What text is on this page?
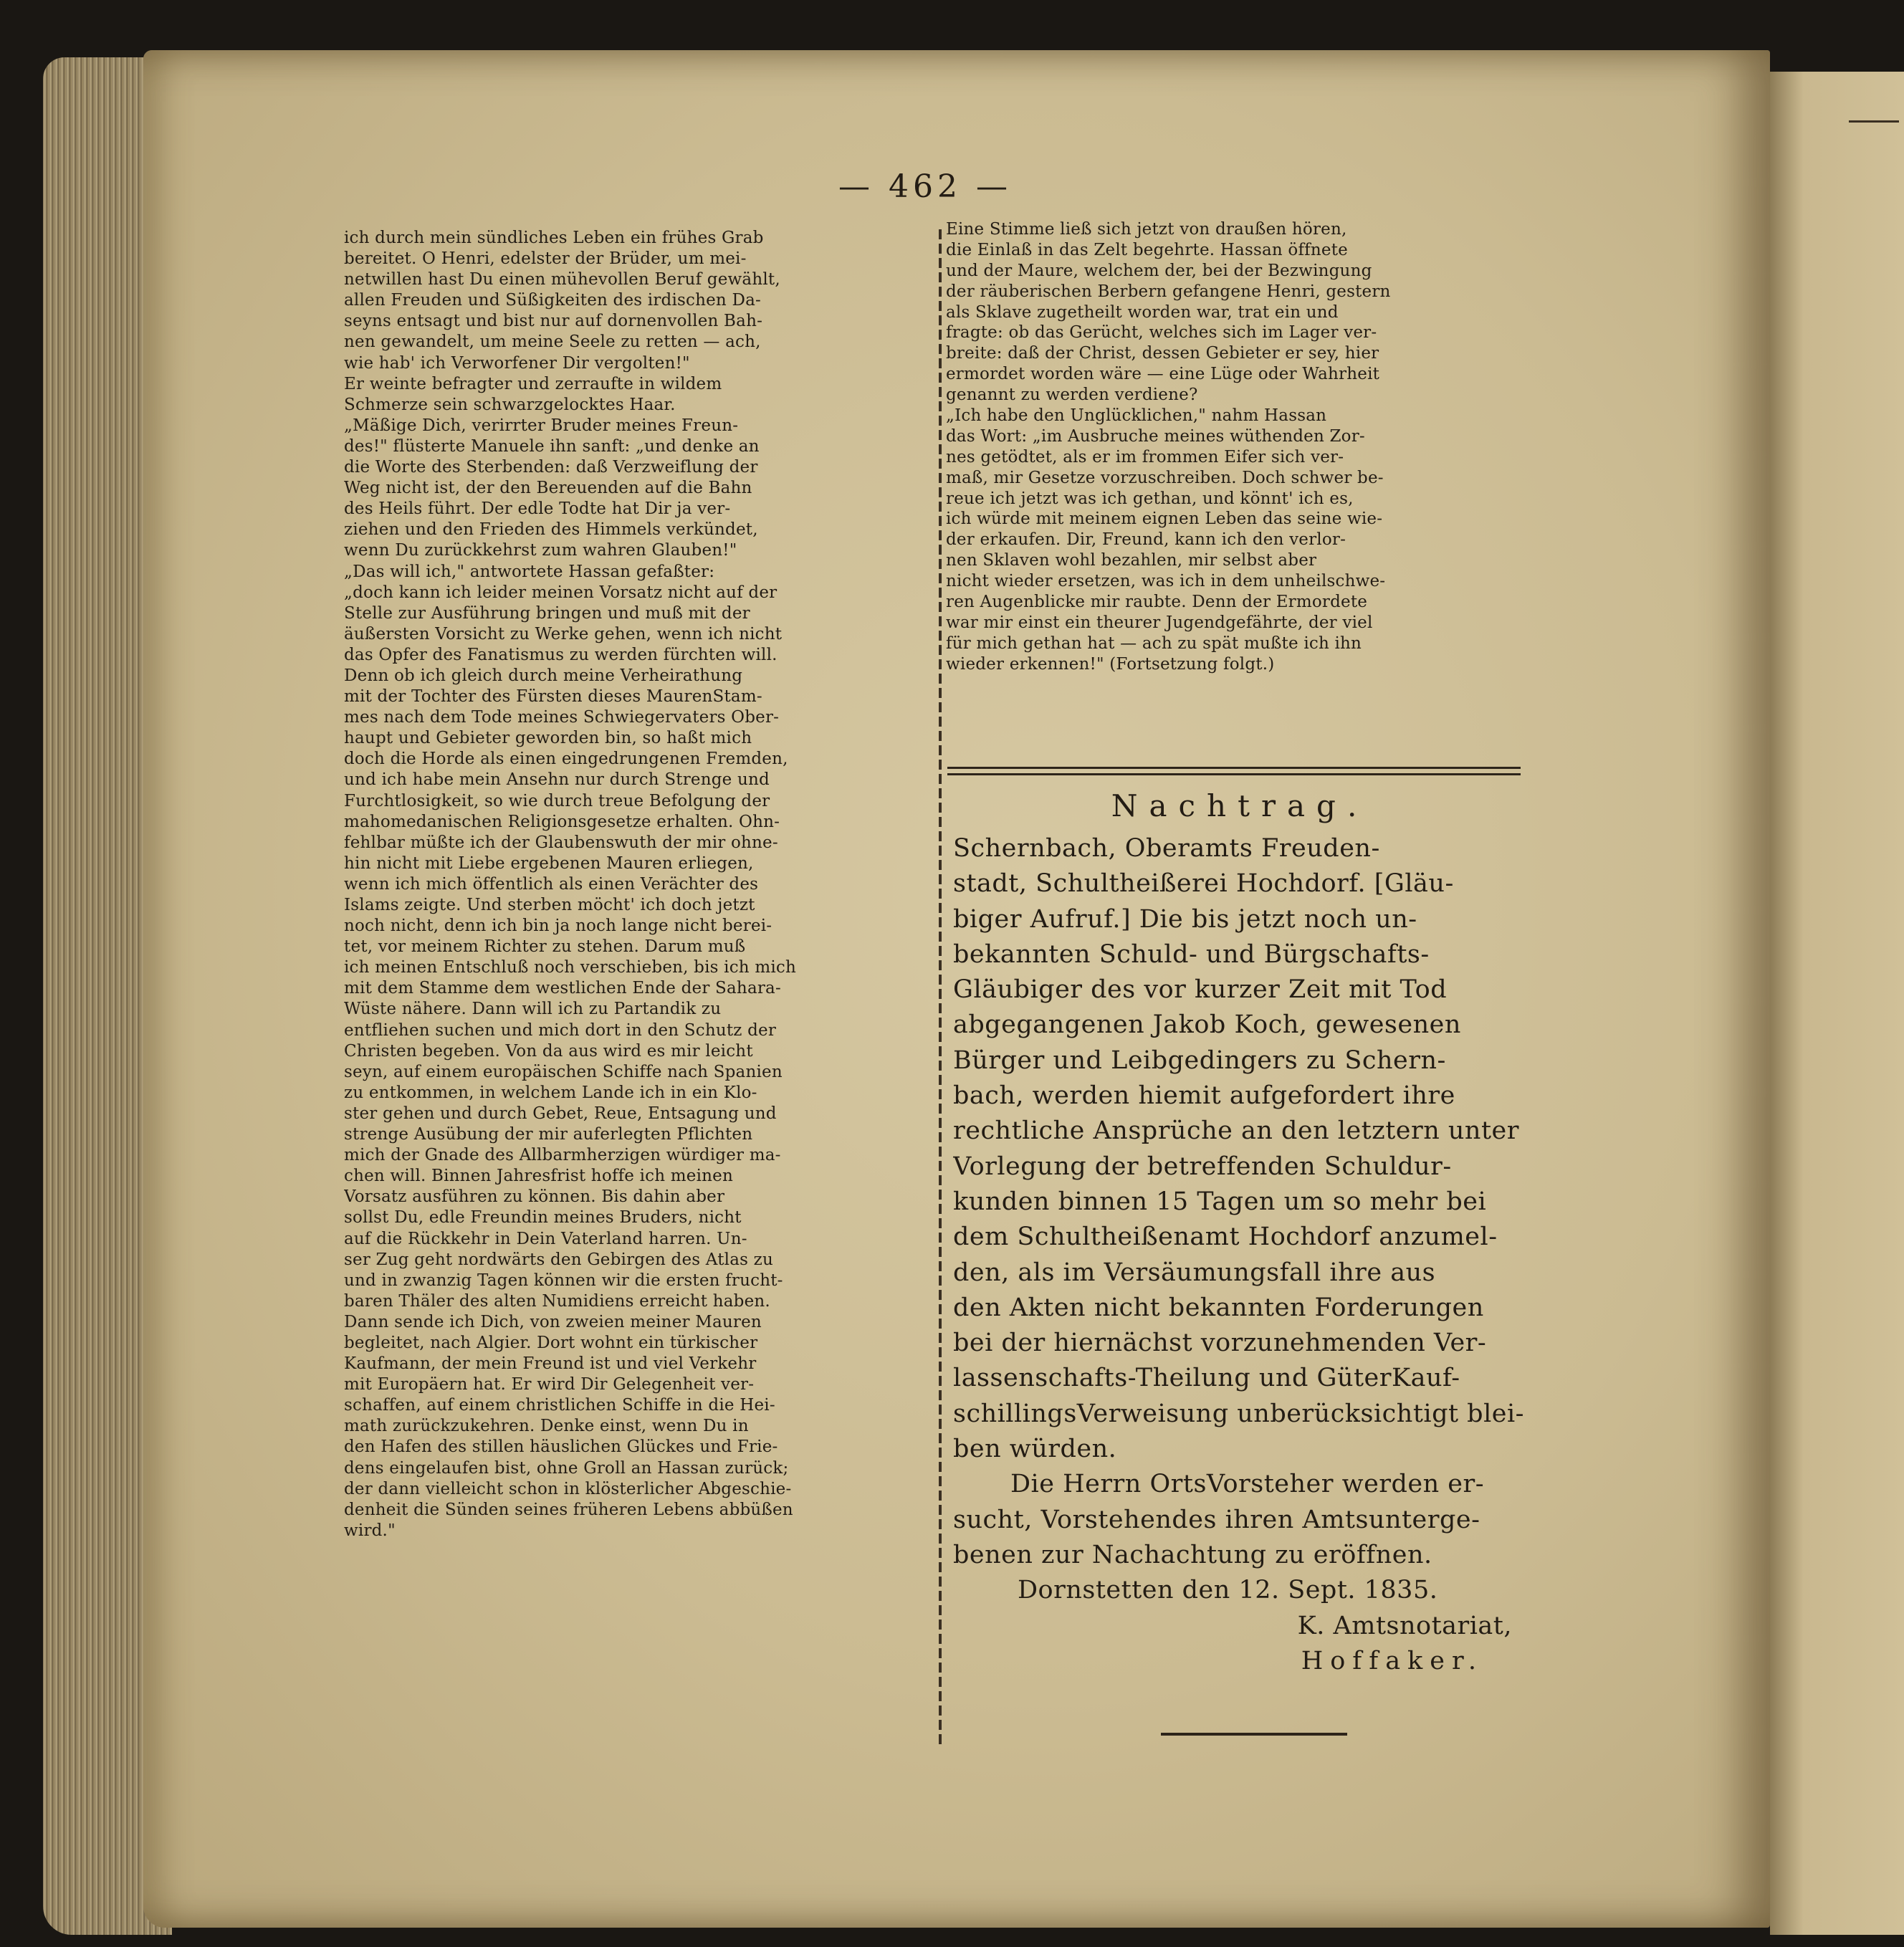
— 462 —
ich durch mein sündliches Leben ein frühes Grab
bereitet. O Henri, edelster der Brüder, um mei-
netwillen hast Du einen mühevollen Beruf gewählt,
allen Freuden und Süßigkeiten des irdischen Da-
seyns entsagt und bist nur auf dornenvollen Bah-
nen gewandelt, um meine Seele zu retten — ach,
wie hab' ich Verworfener Dir vergolten!"
Er weinte befragter und zerraufte in wildem
Schmerze sein schwarzgelocktes Haar.
„Mäßige Dich, verirrter Bruder meines Freun-
des!" flüsterte Manuele ihn sanft: „und denke an
die Worte des Sterbenden: daß Verzweiflung der
Weg nicht ist, der den Bereuenden auf die Bahn
des Heils führt. Der edle Todte hat Dir ja ver-
ziehen und den Frieden des Himmels verkündet,
wenn Du zurückkehrst zum wahren Glauben!"
„Das will ich," antwortete Hassan gefaßter:
„doch kann ich leider meinen Vorsatz nicht auf der
Stelle zur Ausführung bringen und muß mit der
äußersten Vorsicht zu Werke gehen, wenn ich nicht
das Opfer des Fanatismus zu werden fürchten will.
Denn ob ich gleich durch meine Verheirathung
mit der Tochter des Fürsten dieses MaurenStam-
mes nach dem Tode meines Schwiegervaters Ober-
haupt und Gebieter geworden bin, so haßt mich
doch die Horde als einen eingedrungenen Fremden,
und ich habe mein Ansehn nur durch Strenge und
Furchtlosigkeit, so wie durch treue Befolgung der
mahomedanischen Religionsgesetze erhalten. Ohn-
fehlbar müßte ich der Glaubenswuth der mir ohne-
hin nicht mit Liebe ergebenen Mauren erliegen,
wenn ich mich öffentlich als einen Verächter des
Islams zeigte. Und sterben möcht' ich doch jetzt
noch nicht, denn ich bin ja noch lange nicht berei-
tet, vor meinem Richter zu stehen. Darum muß
ich meinen Entschluß noch verschieben, bis ich mich
mit dem Stamme dem westlichen Ende der Sahara-
Wüste nähere. Dann will ich zu Partandik zu
entfliehen suchen und mich dort in den Schutz der
Christen begeben. Von da aus wird es mir leicht
seyn, auf einem europäischen Schiffe nach Spanien
zu entkommen, in welchem Lande ich in ein Klo-
ster gehen und durch Gebet, Reue, Entsagung und
strenge Ausübung der mir auferlegten Pflichten
mich der Gnade des Allbarmherzigen würdiger ma-
chen will. Binnen Jahresfrist hoffe ich meinen
Vorsatz ausführen zu können. Bis dahin aber
sollst Du, edle Freundin meines Bruders, nicht
auf die Rückkehr in Dein Vaterland harren. Un-
ser Zug geht nordwärts den Gebirgen des Atlas zu
und in zwanzig Tagen können wir die ersten frucht-
baren Thäler des alten Numidiens erreicht haben.
Dann sende ich Dich, von zweien meiner Mauren
begleitet, nach Algier. Dort wohnt ein türkischer
Kaufmann, der mein Freund ist und viel Verkehr
mit Europäern hat. Er wird Dir Gelegenheit ver-
schaffen, auf einem christlichen Schiffe in die Hei-
math zurückzukehren. Denke einst, wenn Du in
den Hafen des stillen häuslichen Glückes und Frie-
dens eingelaufen bist, ohne Groll an Hassan zurück;
der dann vielleicht schon in klösterlicher Abgeschie-
denheit die Sünden seines früheren Lebens abbüßen
wird."
Eine Stimme ließ sich jetzt von draußen hören,
die Einlaß in das Zelt begehrte. Hassan öffnete
und der Maure, welchem der, bei der Bezwingung
der räuberischen Berbern gefangene Henri, gestern
als Sklave zugetheilt worden war, trat ein und
fragte: ob das Gerücht, welches sich im Lager ver-
breite: daß der Christ, dessen Gebieter er sey, hier
ermordet worden wäre — eine Lüge oder Wahrheit
genannt zu werden verdiene?
„Ich habe den Unglücklichen," nahm Hassan
das Wort: „im Ausbruche meines wüthenden Zor-
nes getödtet, als er im frommen Eifer sich ver-
maß, mir Gesetze vorzuschreiben. Doch schwer be-
reue ich jetzt was ich gethan, und könnt' ich es,
ich würde mit meinem eignen Leben das seine wie-
der erkaufen. Dir, Freund, kann ich den verlor-
nen Sklaven wohl bezahlen, mir selbst aber
nicht wieder ersetzen, was ich in dem unheilschwe-
ren Augenblicke mir raubte. Denn der Ermordete
war mir einst ein theurer Jugendgefährte, der viel
für mich gethan hat — ach zu spät mußte ich ihn
wieder erkennen!" (Fortsetzung folgt.)
Nachtrag.
Schernbach, Oberamts Freuden-
stadt, Schultheißerei Hochdorf. [Gläu-
biger Aufruf.] Die bis jetzt noch un-
bekannten Schuld- und Bürgschafts-
Gläubiger des vor kurzer Zeit mit Tod
abgegangenen Jakob Koch, gewesenen
Bürger und Leibgedingers zu Schern-
bach, werden hiemit aufgefordert ihre
rechtliche Ansprüche an den letztern unter
Vorlegung der betreffenden Schuldur-
kunden binnen 15 Tagen um so mehr bei
dem Schultheißenamt Hochdorf anzumel-
den, als im Versäumungsfall ihre aus
den Akten nicht bekannten Forderungen
bei der hiernächst vorzunehmenden Ver-
lassenschafts-Theilung und GüterKauf-
schillingsVerweisung unberücksichtigt blei-
ben würden.
Die Herrn OrtsVorsteher werden er-
sucht, Vorstehendes ihren Amtsunterge-
benen zur Nachachtung zu eröffnen.
Dornstetten den 12. Sept. 1835.
K. Amtsnotariat,
Hoffaker.
